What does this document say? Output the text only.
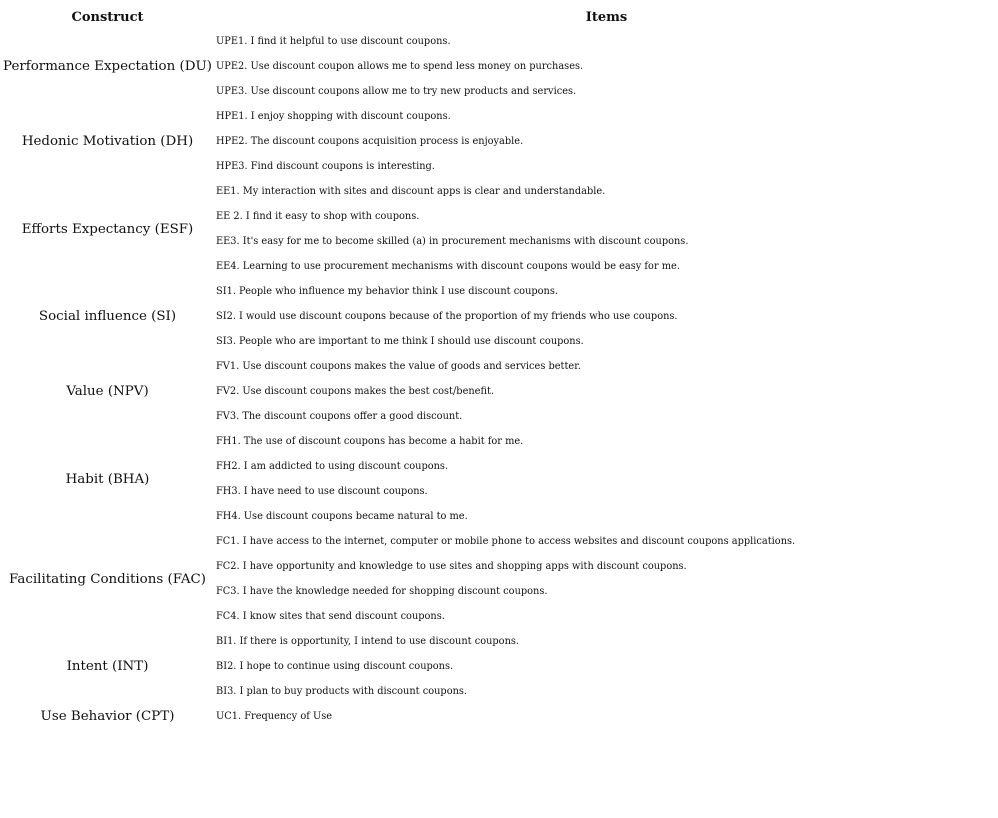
Construct	Items
Performance Expectation (DU)	UPE1. I find it helpful to use discount coupons.
	UPE2. Use discount coupon allows me to spend less money on purchases.
	UPE3. Use discount coupons allow me to try new products and services.
Hedonic Motivation (DH)	HPE1. I enjoy shopping with discount coupons.
	HPE2. The discount coupons acquisition process is enjoyable.
	HPE3. Find discount coupons is interesting.
Efforts Expectancy (ESF)	EE1. My interaction with sites and discount apps is clear and understandable.
	EE 2. I find it easy to shop with coupons.
	EE3. It's easy for me to become skilled (a) in procurement mechanisms with discount coupons.
	EE4. Learning to use procurement mechanisms with discount coupons would be easy for me.
Social influence (SI)	SI1. People who influence my behavior think I use discount coupons.
	SI2. I would use discount coupons because of the proportion of my friends who use coupons.
	SI3. People who are important to me think I should use discount coupons.
Value (NPV)	FV1. Use discount coupons makes the value of goods and services better.
	FV2. Use discount coupons makes the best cost/benefit.
	FV3. The discount coupons offer a good discount.
Habit (BHA)	FH1. The use of discount coupons has become a habit for me.
	FH2. I am addicted to using discount coupons.
	FH3. I have need to use discount coupons.
	FH4. Use discount coupons became natural to me.
Facilitating Conditions (FAC)	FC1. I have access to the internet, computer or mobile phone to access websites and discount coupons applications.
	FC2. I have opportunity and knowledge to use sites and shopping apps with discount coupons.
	FC3. I have the knowledge needed for shopping discount coupons.
	FC4. I know sites that send discount coupons.
Intent (INT)	BI1. If there is opportunity, I intend to use discount coupons.
	BI2. I hope to continue using discount coupons.
	BI3. I plan to buy products with discount coupons.
Use Behavior (CPT)	UC1. Frequency of Use
